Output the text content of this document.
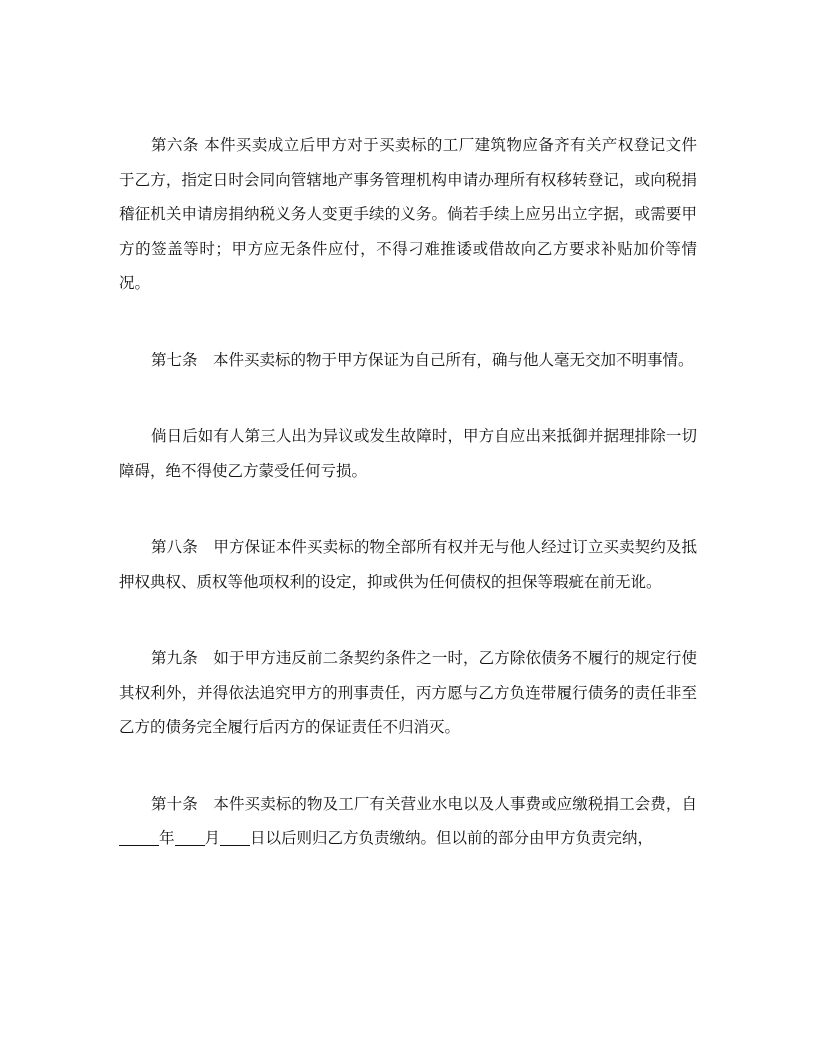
第六条 本件买卖成立后甲方对于买卖标的工厂建筑物应备齐有关产权登记文件于乙方，指定日时会同向管辖地产事务管理机构申请办理所有权移转登记，或向税捐稽征机关申请房捐纳税义务人变更手续的义务。倘若手续上应另出立字据，或需要甲方的签盖等时；甲方应无条件应付，不得刁难推诿或借故向乙方要求补贴加价等情况。

第七条　本件买卖标的物于甲方保证为自己所有，确与他人毫无交加不明事情。

倘日后如有人第三人出为异议或发生故障时，甲方自应出来抵御并据理排除一切障碍，绝不得使乙方蒙受任何亏损。

第八条　甲方保证本件买卖标的物全部所有权并无与他人经过订立买卖契约及抵押权典权、质权等他项权利的设定，抑或供为任何债权的担保等瑕疵在前无讹。

第九条　如于甲方违反前二条契约条件之一时，乙方除依债务不履行的规定行使其权利外，并得依法追究甲方的刑事责任，丙方愿与乙方负连带履行债务的责任非至乙方的债务完全履行后丙方的保证责任不归消灭。

第十条　本件买卖标的物及工厂有关营业水电以及人事费或应缴税捐工会费，自年 月 日以后则归乙方负责缴纳。但以前的部分由甲方负责完纳，
